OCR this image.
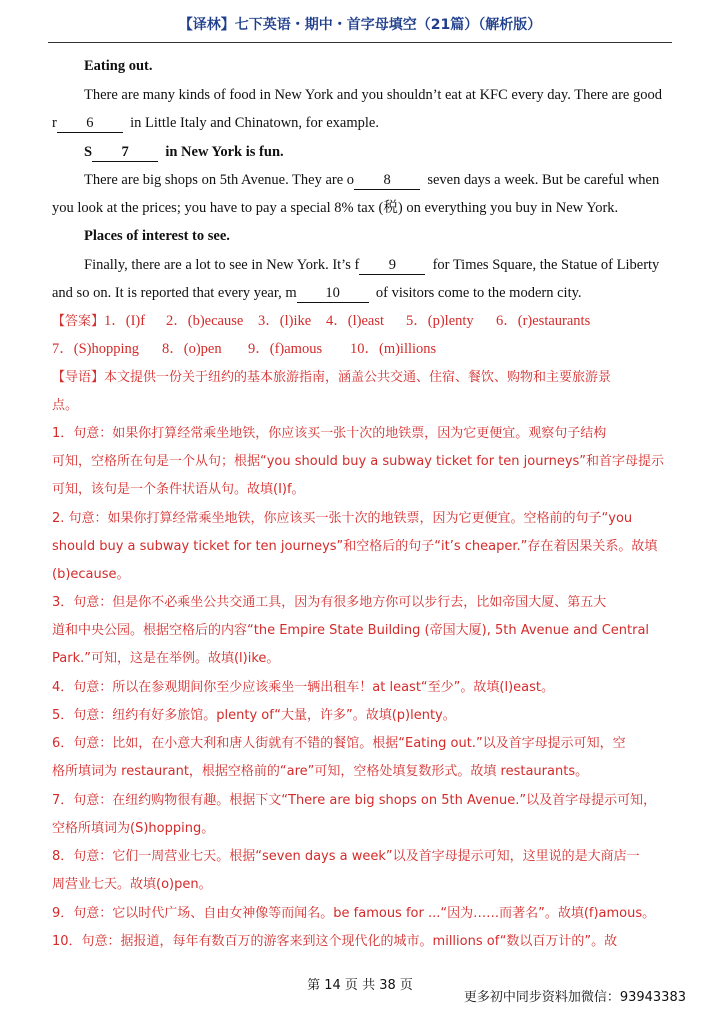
【译林】七下英语・期中・首字母填空（21篇）（解析版）
Eating out.
There are many kinds of food in New York and you shouldn’t eat at KFC every day. There are good
r 6	in Little Italy and Chinatown, for example.
S 7	in New York is fun.
There are big shops on 5th Avenue. They are o 8	seven days a week. But be careful when
you look at the prices; you have to pay a special 8% tax (税) on everything you buy in New York.
Places of interest to see.
Finally, there are a lot to see in New York. It’s f 9	for Times Square, the Statue of Liberty
and so on. It is reported that every year, m 10 of visitors come to the modern city.
【答案】1．(I)f 2．(b)ecause 3．(l)ike 4．(l)east 5．(p)lenty 6．(r)estaurants
7．(S)hopping 8．(o)pen 9．(f)amous 10．(m)illions
【导语】本文提供一份关于纽约的基本旅游指南，涵盖公共交通、住宿、餐饮、购物和主要旅游景
点。
1．句意：如果你打算经常乘坐地铁，你应该买一张十次的地铁票，因为它更便宜。观察句子结构
可知，空格所在句是一个从句；根据“you should buy a subway ticket for ten journeys”和首字母提示
可知，该句是一个条件状语从句。故填(I)f。
2. 句意：如果你打算经常乘坐地铁，你应该买一张十次的地铁票，因为它更便宜。空格前的句子“you
should buy a subway ticket for ten journeys”和空格后的句子“it’s cheaper.”存在着因果关系。故填
(b)ecause。
3．句意：但是你不必乘坐公共交通工具，因为有很多地方你可以步行去，比如帝国大厦、第五大
道和中央公园。根据空格后的内容“the Empire State Building (帝国大厦), 5th Avenue and Central
Park.”可知，这是在举例。故填(l)ike。
4．句意：所以在参观期间你至少应该乘坐一辆出租车！at least“至少”。故填(l)east。
5．句意：纽约有好多旅馆。plenty of“大量，许多”。故填(p)lenty。
6．句意：比如，在小意大利和唐人街就有不错的餐馆。根据“Eating out.”以及首字母提示可知，空
格所填词为 restaurant，根据空格前的“are”可知，空格处填复数形式。故填 restaurants。
7．句意：在纽约购物很有趣。根据下文“There are big shops on 5th Avenue.”以及首字母提示可知，
空格所填词为(S)hopping。
8．句意：它们一周营业七天。根据“seven days a week”以及首字母提示可知，这里说的是大商店一
周营业七天。故填(o)pen。
9．句意：它以时代广场、自由女神像等而闻名。be famous for ...“因为……而著名”。故填(f)amous。
10．句意：据报道，每年有数百万的游客来到这个现代化的城市。millions of“数以百万计的”。故
第 14 页 共 38 页
更多初中同步资料加微信：93943383
